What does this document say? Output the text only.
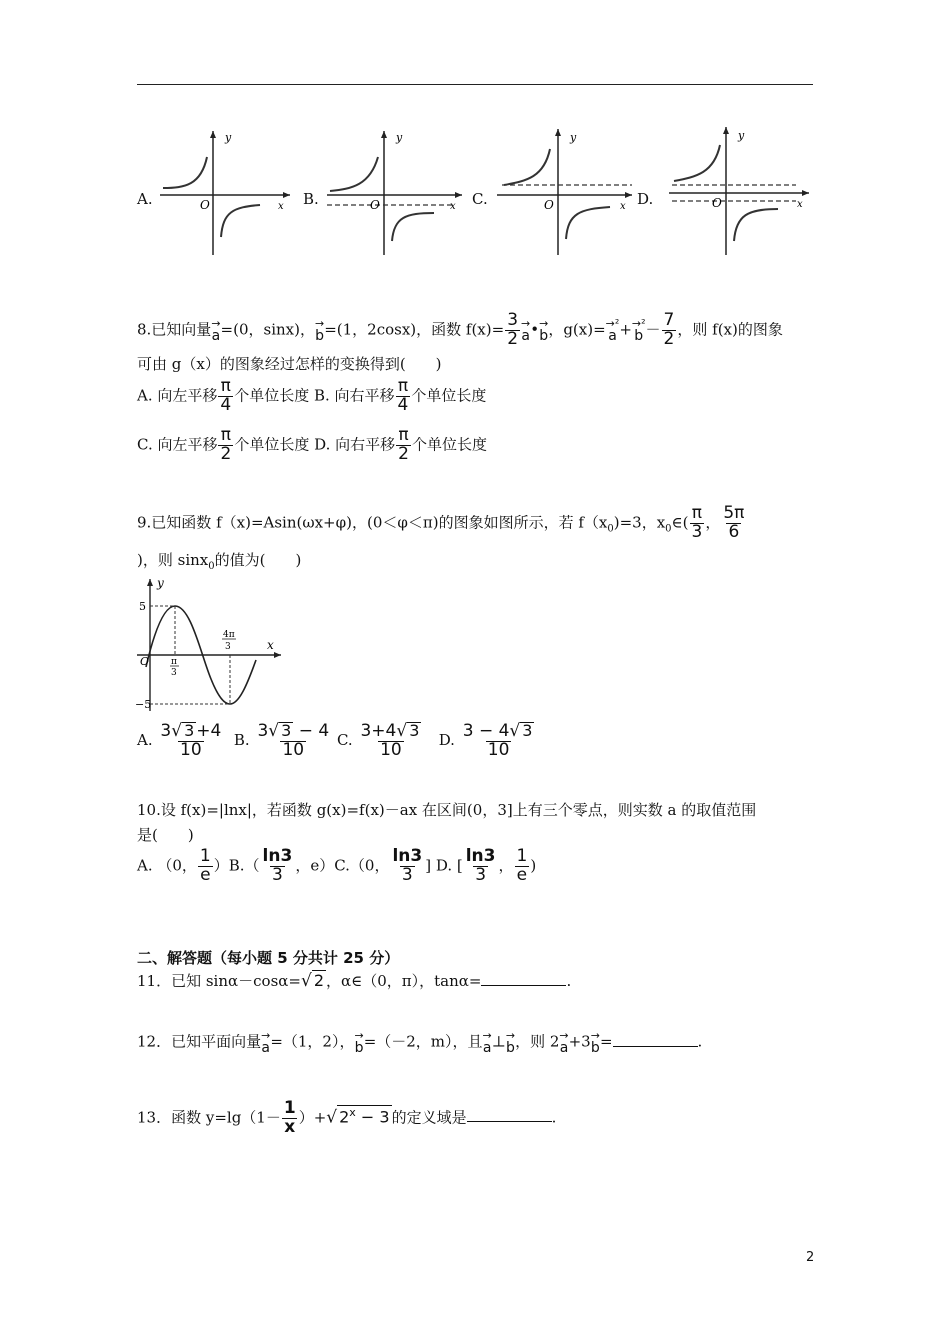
A.
y
O	x B.
y
O	x C.
y
O	x D.
y
O	x
8.已知向量 →
a =(0，sinx)， →
b =(1，2cosx)，函数 $f(x)= \frac{3}{2}$ →
a • →
b ，g(x)= →²
a + →²
$b - \frac{7}{2}$ ，则 f(x)的图象
可由 g（x）的图象经过怎样的变换得到(　　)
A. 向左平移 $\frac{\pi}{4}$ 个单位长度 B. 向右平移 $\frac{\pi}{4}$ 个单位长度
C. 向左平移 $\frac{\pi}{2}$ 个单位长度 D. 向右平移 $\frac{\pi}{2}$ 个单位长度
9.已知函数 f（x)=Asin(ωx+φ)，(0＜φ＜π)的图象如图所示，若 $f(x_0)=3$，$x_0\in( \frac{\pi}{3}$ ， $\frac{5\pi}{6}$
)，则 sinx$_0$的值为(　　)
y
x
5
−5
O π
3
4π
3
A. $\frac{3√ 3 +4}{10} B$. $\frac{3√ 3 - 4}{10} C$. $\frac{3+4√ 3}{10} D$. $\frac{3 - 4√ 3}{10}$
10.设 f(x)=|lnx|，若函数 g(x)=f(x)－ax 在区间(0，3]上有三个零点，则实数 a 的取值范围
是(　　)
A. （0， $\frac{1}{e} )B.( \frac{\ln 3}{3}$ ，e）C.（0， $\frac{\ln 3}{3}$ ] D. [ $\frac{\ln 3}{3}$ ， $\frac{1}{e}$ )
二、解答题（每小题 5 分共计 25 分）
11．已知 sinα－cosα=√ 2 ，α∈（0，π），tanα=	.
12．已知平面向量 →
a =（1，2）， →
b =（－2，m），且 →
a ⊥ →
b ，则 2 →
a +3 →
b =	.
13．函数 $y=\lg(1- \frac{1}{x}$ ）+√ $2^x - 3$ 的定义域是	.
2
